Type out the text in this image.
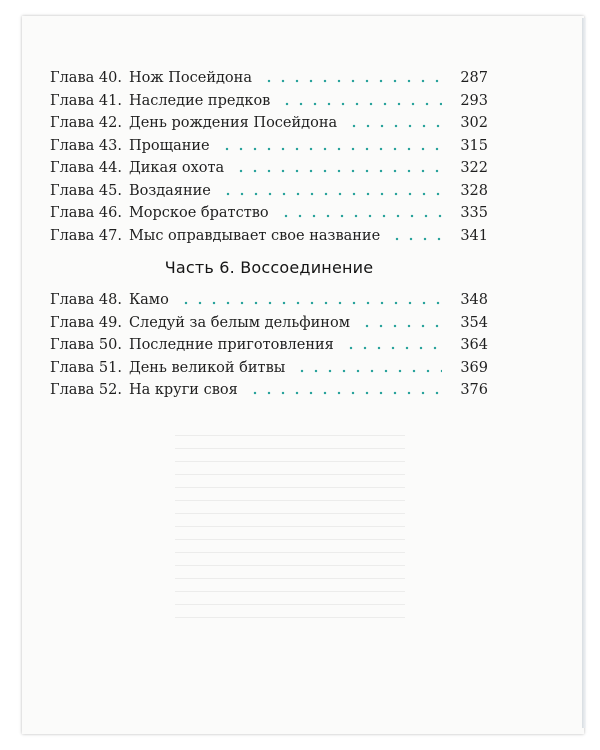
Глава 40. Нож Посейдона	287
Глава 41. Наследие предков	293
Глава 42. День рождения Посейдона	302
Глава 43. Прощание	315
Глава 44. Дикая охота	322
Глава 45. Воздаяние	328
Глава 46. Морское братство	335
Глава 47. Мыс оправдывает свое название	341
Часть 6. Воссоединение
Глава 48. Камо	348
Глава 49. Следуй за белым дельфином	354
Глава 50. Последние приготовления	364
Глава 51. День великой битвы	369
Глава 52. На круги своя	376
